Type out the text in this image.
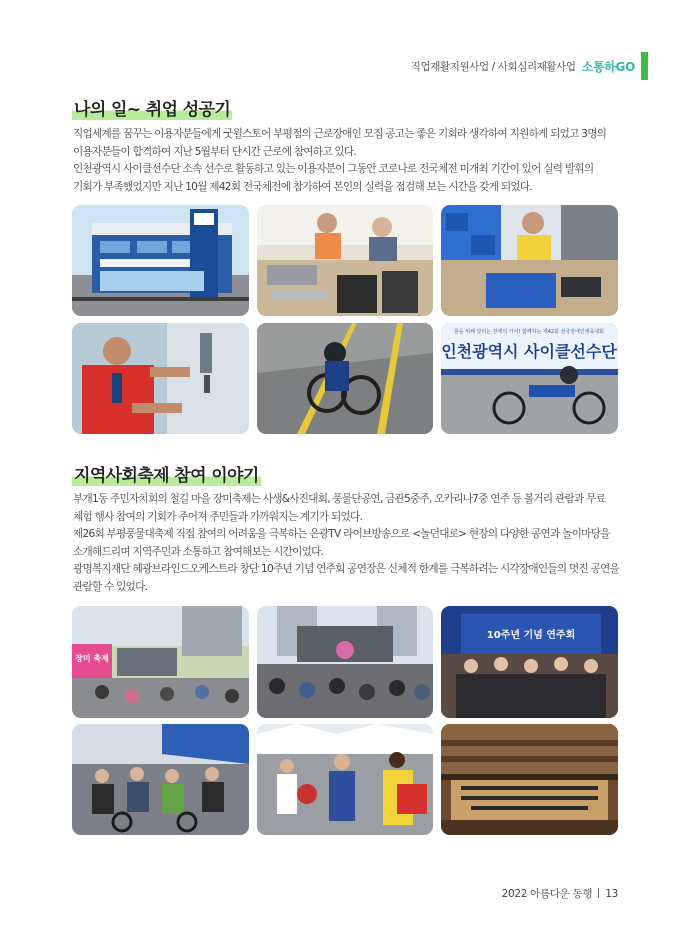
직업재활지원사업 / 사회심리재활사업 소통하GO
나의 일~ 취업 성공기

직업세계를 꿈꾸는 이용자분들에게 굿윌스토어 부평점의 근로장애인 모집 공고는 좋은 기회라 생각하여 지원하게 되었고 3명의 이용자분들이 합격하여 지난 5월부터 단시간 근로에 참여하고 있다.

인천광역시 사이클선수단 소속 선수로 활동하고 있는 이용자분이 그동안 코로나로 전국체전 미개최 기간이 있어 실력 발휘의 기회가 부족했었지만 지난 10월 제42회 전국체전에 참가하여 본인의 실력을 점검해 보는 시간을 갖게 되었다.

꿈을 위해 달리는 장애의 가치! 함께하는 제42회 전국장애인체육대회
인천광역시 사이클선수단
지역사회축제 참여 이야기

부개1동 주민자치회의 철길 마을 장미축제는 사생&사진대회, 풍물단공연, 금관5중주, 오카리나7중 연주 등 볼거리 관람과 무료 체험 행사 참여의 기회가 주어져 주민들과 가까워지는 계기가 되었다.

제26회 부평풍물대축제 직접 참여의 어려움을 극복하는 은광TV 라이브방송으로 <놀던대로> 현장의 다양한 공연과 놀이마당을 소개해드리며 지역주민과 소통하고 참여해보는 시간이었다.

광명복지재단 혜광브라인드오케스트라 창단 10주년 기념 연주회 공연장은 신체적 한계를 극복하려는 시각장애인들의 멋진 공연을 관람할 수 있었다.

장미 축제
10주년 기념 연주회
2022 아름다운 동행 13
